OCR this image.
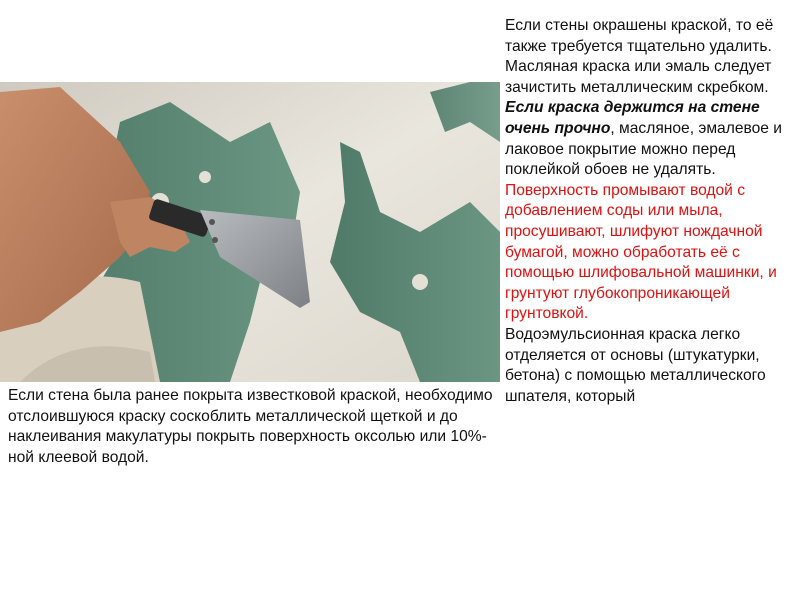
Если стены окрашены краской, то её также требуется тщательно удалить. Масляная краска или эмаль следует зачистить металлическим скребком.

Если краска держится на стене очень прочно, масляное, эмалевое и лаковое покрытие можно перед поклейкой обоев не удалять.

Поверхность промывают водой с добавлением соды или мыла, просушивают, шлифуют нождачной бумагой, можно обработать её с помощью шлифовальной машинки, и грунтуют глубокопроникающей грунтовкой.

Водоэмульсионная краска легко отделяется от основы (штукатурки, бетона) с помощью металлического шпателя, который

Если стена была ранее покрыта известковой краской, необходимо отслоившуюся краску соскоблить металлической щеткой и до наклеивания макулатуры покрыть поверхность оксолью или 10%-ной клеевой водой.
